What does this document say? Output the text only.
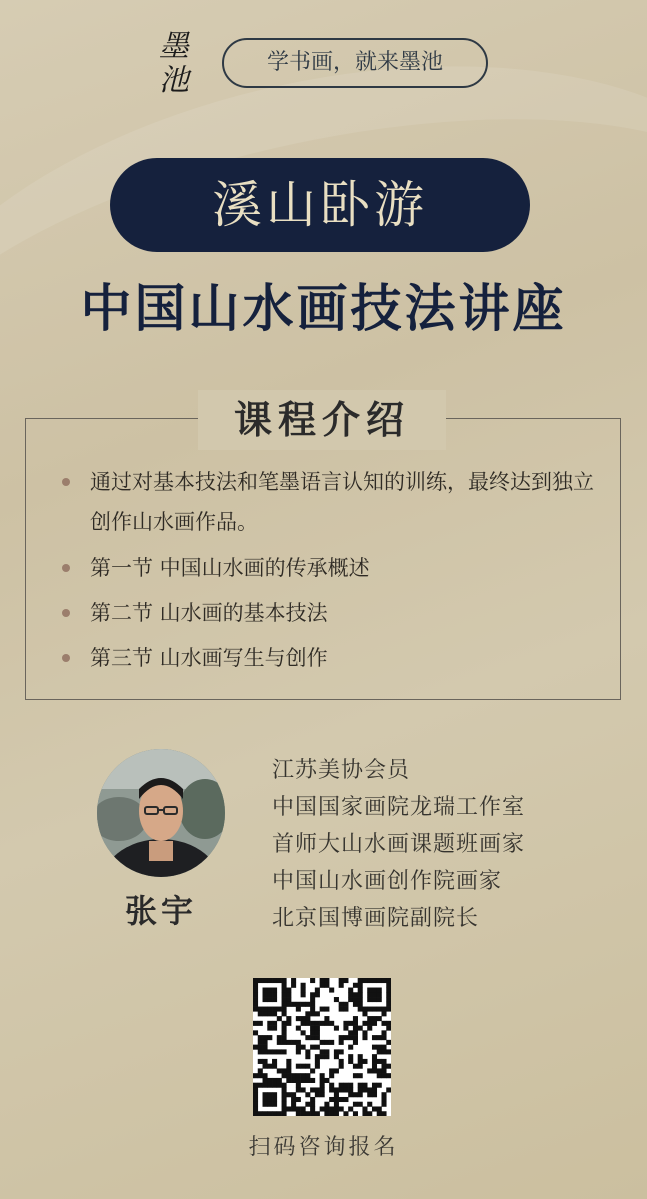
墨
池
学书画，就来墨池
溪山卧游
中国山水画技法讲座
课程介绍
通过对基本技法和笔墨语言认知的训练，最终达到独立创作山水画作品。
第一节 中国山水画的传承概述
第二节 山水画的基本技法
第三节 山水画写生与创作
张宇
江苏美协会员
中国国家画院龙瑞工作室
首师大山水画课题班画家
中国山水画创作院画家
北京国博画院副院长
扫码咨询报名
